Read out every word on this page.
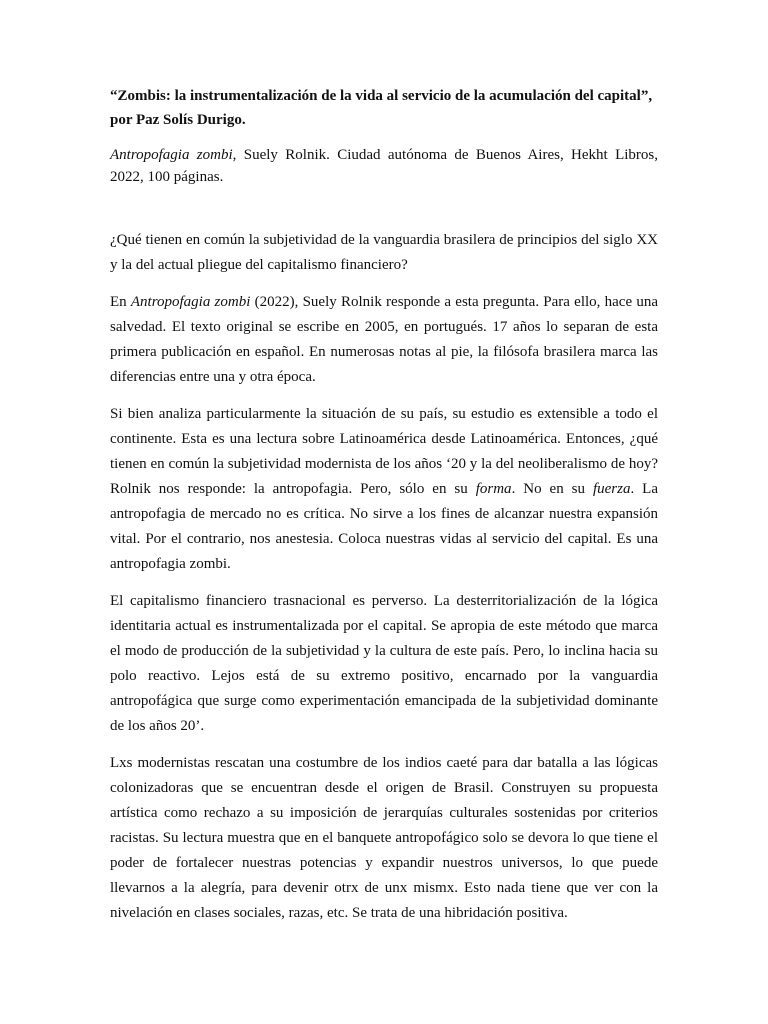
“Zombis: la instrumentalización de la vida al servicio de la acumulación del capital”,
por Paz Solís Durigo.

Antropofagia zombi, Suely Rolnik. Ciudad autónoma de Buenos Aires, Hekht Libros, 2022, 100 páginas.

¿Qué tienen en común la subjetividad de la vanguardia brasilera de principios del siglo XX y la del actual pliegue del capitalismo financiero?

En Antropofagia zombi (2022), Suely Rolnik responde a esta pregunta. Para ello, hace una salvedad. El texto original se escribe en 2005, en portugués. 17 años lo separan de esta primera publicación en español. En numerosas notas al pie, la filósofa brasilera marca las diferencias entre una y otra época.

Si bien analiza particularmente la situación de su país, su estudio es extensible a todo el continente. Esta es una lectura sobre Latinoamérica desde Latinoamérica. Entonces, ¿qué tienen en común la subjetividad modernista de los años ‘20 y la del neoliberalismo de hoy? Rolnik nos responde: la antropofagia. Pero, sólo en su forma. No en su fuerza. La antropofagia de mercado no es crítica. No sirve a los fines de alcanzar nuestra expansión vital. Por el contrario, nos anestesia. Coloca nuestras vidas al servicio del capital. Es una antropofagia zombi.

El capitalismo financiero trasnacional es perverso. La desterritorialización de la lógica identitaria actual es instrumentalizada por el capital. Se apropia de este método que marca el modo de producción de la subjetividad y la cultura de este país. Pero, lo inclina hacia su polo reactivo. Lejos está de su extremo positivo, encarnado por la vanguardia antropofágica que surge como experimentación emancipada de la subjetividad dominante de los años 20’.

Lxs modernistas rescatan una costumbre de los indios caeté para dar batalla a las lógicas colonizadoras que se encuentran desde el origen de Brasil. Construyen su propuesta artística como rechazo a su imposición de jerarquías culturales sostenidas por criterios racistas. Su lectura muestra que en el banquete antropofágico solo se devora lo que tiene el poder de fortalecer nuestras potencias y expandir nuestros universos, lo que puede llevarnos a la alegría, para devenir otrx de unx mismx. Esto nada tiene que ver con la nivelación en clases sociales, razas, etc. Se trata de una hibridación positiva.
